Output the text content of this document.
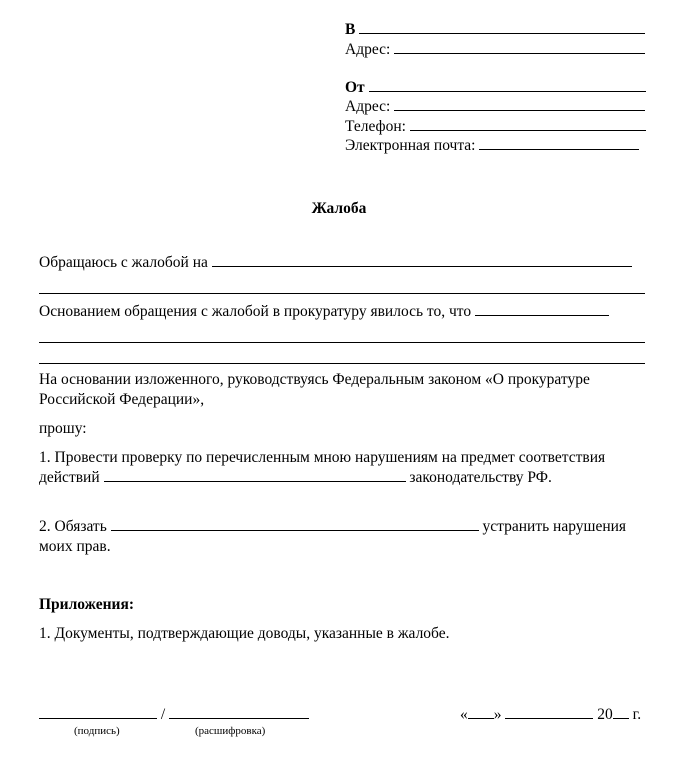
В
Адрес:
От
Адрес:
Телефон:
Электронная почта:
Жалоба
Обращаюсь с жалобой на
Основанием обращения с жалобой в прокуратуру явилось то, что
На основании изложенного, руководствуясь Федеральным законом «О прокуратуре Российской Федерации»,
прошу:
1. Провести проверку по перечисленным мною нарушениям на предмет соответствия действий	законодательству РФ.
2. Обязать	устранить нарушения моих прав.
Приложения:
1. Документы, подтверждающие доводы, указанные в жалобе.
/
(подпись)	(расшифровка)
« »	20 г.
